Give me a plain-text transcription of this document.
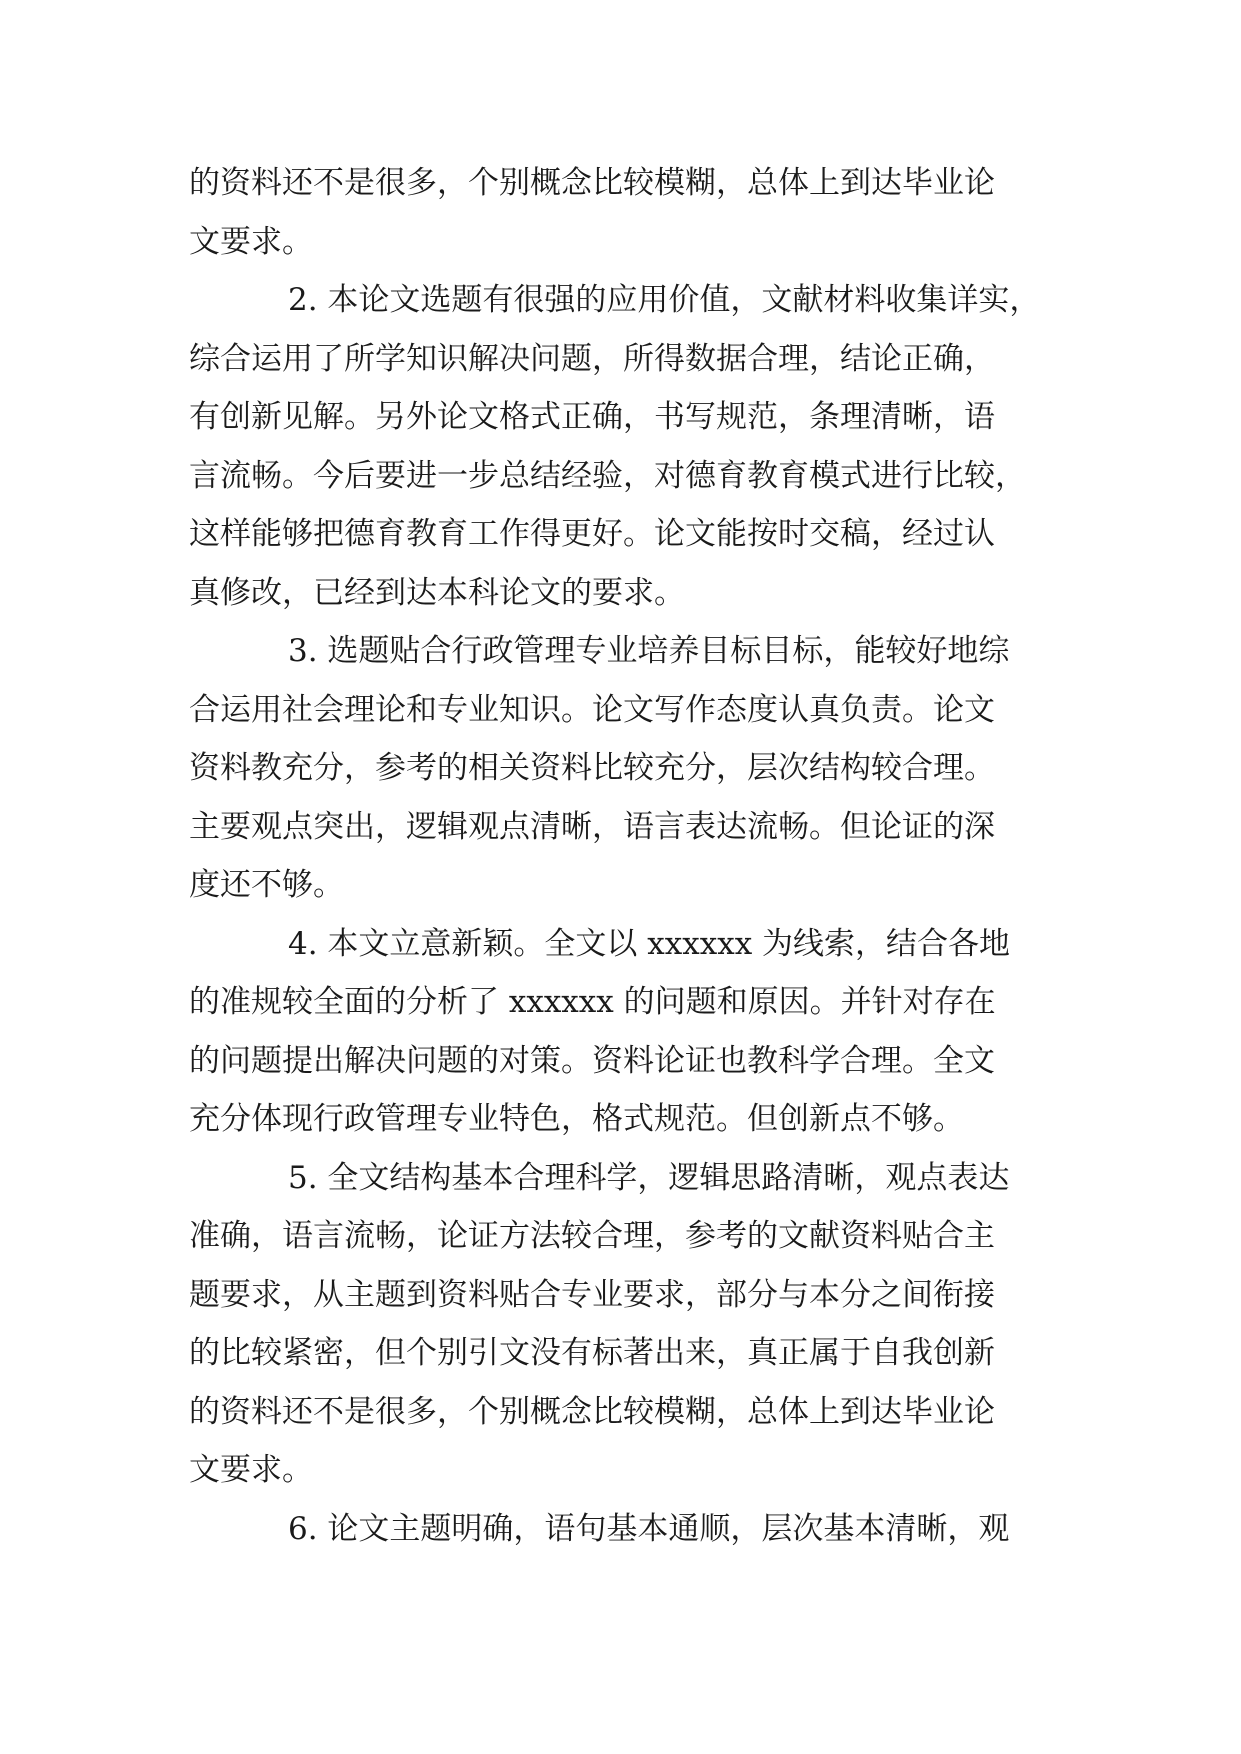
的资料还不是很多，个别概念比较模糊，总体上到达毕业论
文要求。
2. 本论文选题有很强的应用价值，文献材料收集详实，
综合运用了所学知识解决问题，所得数据合理，结论正确，
有创新见解。另外论文格式正确，书写规范，条理清晰，语
言流畅。今后要进一步总结经验，对德育教育模式进行比较，
这样能够把德育教育工作得更好。论文能按时交稿，经过认
真修改，已经到达本科论文的要求。
3. 选题贴合行政管理专业培养目标目标，能较好地综
合运用社会理论和专业知识。论文写作态度认真负责。论文
资料教充分，参考的相关资料比较充分，层次结构较合理。
主要观点突出，逻辑观点清晰，语言表达流畅。但论证的深
度还不够。
4. 本文立意新颖。全文以 xxxxxx 为线索，结合各地
的准规较全面的分析了 xxxxxx 的问题和原因。并针对存在
的问题提出解决问题的对策。资料论证也教科学合理。全文
充分体现行政管理专业特色，格式规范。但创新点不够。
5. 全文结构基本合理科学，逻辑思路清晰，观点表达
准确，语言流畅，论证方法较合理，参考的文献资料贴合主
题要求，从主题到资料贴合专业要求，部分与本分之间衔接
的比较紧密，但个别引文没有标著出来，真正属于自我创新
的资料还不是很多，个别概念比较模糊，总体上到达毕业论
文要求。
6. 论文主题明确，语句基本通顺，层次基本清晰，观
